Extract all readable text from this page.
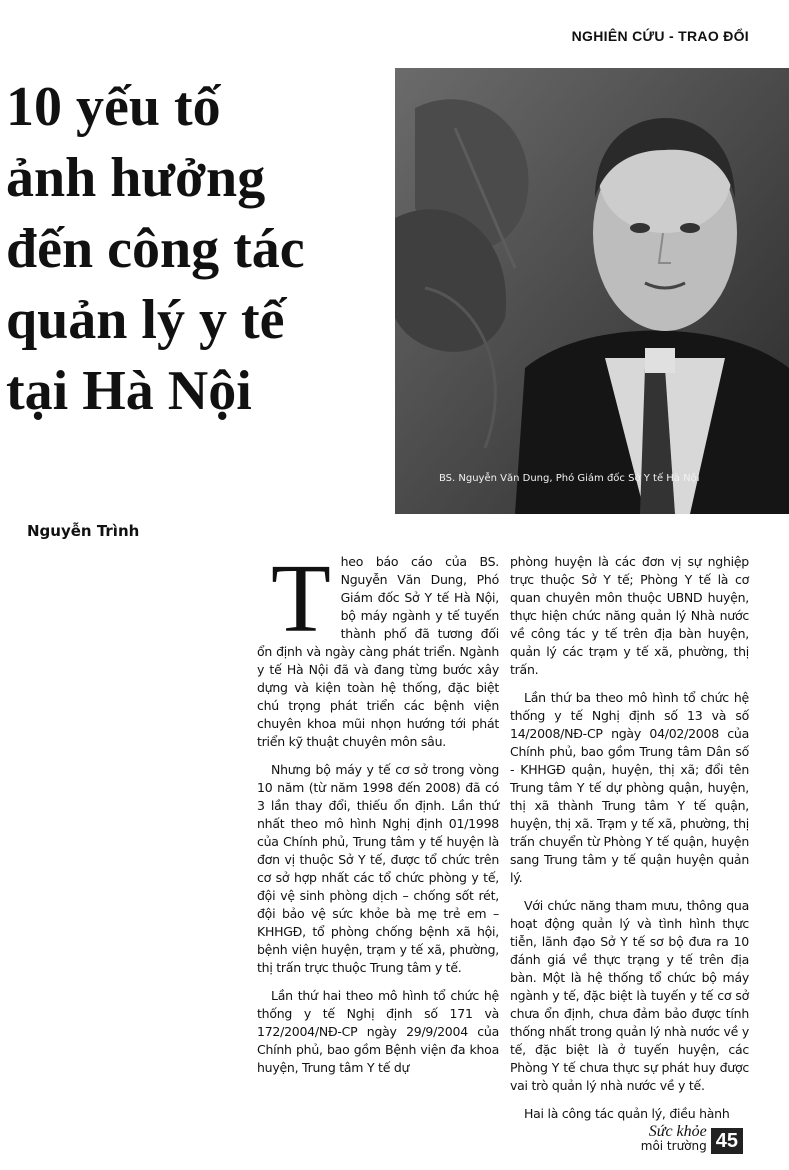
NGHIÊN CỨU - TRAO ĐỔI
10 yếu tố
ảnh hưởng
đến công tác
quản lý y tế
tại Hà Nội
BS. Nguyễn Văn Dung, Phó Giám đốc Sở Y tế Hà Nội
Nguyễn Trình

Theo báo cáo của BS. Nguyễn Văn Dung, Phó Giám đốc Sở Y tế Hà Nội, bộ máy ngành y tế tuyến thành phố đã tương đối ổn định và ngày càng phát triển. Ngành y tế Hà Nội đã và đang từng bước xây dựng và kiện toàn hệ thống, đặc biệt chú trọng phát triển các bệnh viện chuyên khoa mũi nhọn hướng tới phát triển kỹ thuật chuyên môn sâu.

Nhưng bộ máy y tế cơ sở trong vòng 10 năm (từ năm 1998 đến 2008) đã có 3 lần thay đổi, thiếu ổn định. Lần thứ nhất theo mô hình Nghị định 01/1998 của Chính phủ, Trung tâm y tế huyện là đơn vị thuộc Sở Y tế, được tổ chức trên cơ sở hợp nhất các tổ chức phòng y tế, đội vệ sinh phòng dịch – chống sốt rét, đội bảo vệ sức khỏe bà mẹ trẻ em – KHHGĐ, tổ phòng chống bệnh xã hội, bệnh viện huyện, trạm y tế xã, phường, thị trấn trực thuộc Trung tâm y tế.

Lần thứ hai theo mô hình tổ chức hệ thống y tế Nghị định số 171 và 172/2004/NĐ-CP ngày 29/9/2004 của Chính phủ, bao gồm Bệnh viện đa khoa huyện, Trung tâm Y tế dự

phòng huyện là các đơn vị sự nghiệp trực thuộc Sở Y tế; Phòng Y tế là cơ quan chuyên môn thuộc UBND huyện, thực hiện chức năng quản lý Nhà nước về công tác y tế trên địa bàn huyện, quản lý các trạm y tế xã, phường, thị trấn.

Lần thứ ba theo mô hình tổ chức hệ thống y tế Nghị định số 13 và số 14/2008/NĐ-CP ngày 04/02/2008 của Chính phủ, bao gồm Trung tâm Dân số - KHHGĐ quận, huyện, thị xã; đổi tên Trung tâm Y tế dự phòng quận, huyện, thị xã thành Trung tâm Y tế quận, huyện, thị xã. Trạm y tế xã, phường, thị trấn chuyển từ Phòng Y tế quận, huyện sang Trung tâm y tế quận huyện quản lý.

Với chức năng tham mưu, thông qua hoạt động quản lý và tình hình thực tiễn, lãnh đạo Sở Y tế sơ bộ đưa ra 10 đánh giá về thực trạng y tế trên địa bàn. Một là hệ thống tổ chức bộ máy ngành y tế, đặc biệt là tuyến y tế cơ sở chưa ổn định, chưa đảm bảo được tính thống nhất trong quản lý nhà nước về y tế, đặc biệt là ở tuyến huyện, các Phòng Y tế chưa thực sự phát huy được vai trò quản lý nhà nước về y tế.

Hai là công tác quản lý, điều hành

Sức khỏe
môi trường 45
